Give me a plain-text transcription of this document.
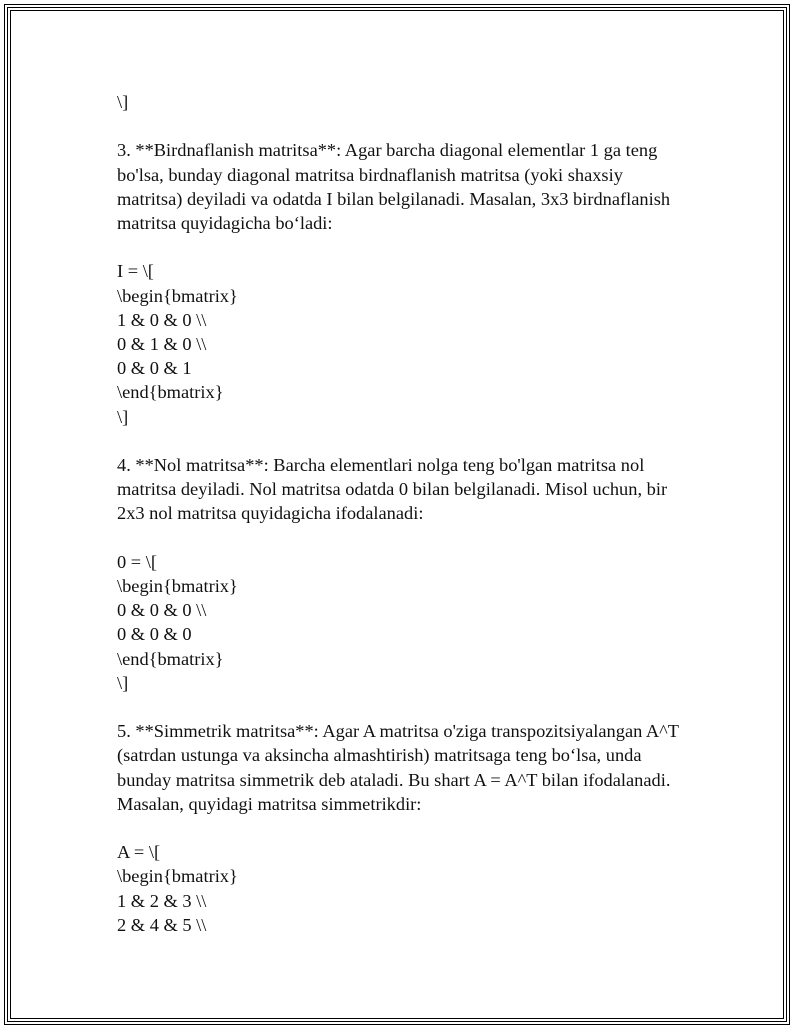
\]
3. **Birdnaflanish matritsa**: Agar barcha diagonal elementlar 1 ga teng
bo'lsa, bunday diagonal matritsa birdnaflanish matritsa (yoki shaxsiy
matritsa) deyiladi va odatda I bilan belgilanadi. Masalan, 3x3 birdnaflanish
matritsa quyidagicha bo‘ladi:
I = \[
\begin{bmatrix}
1 & 0 & 0 \\
0 & 1 & 0 \\
0 & 0 & 1
\end{bmatrix}
\]
4. **Nol matritsa**: Barcha elementlari nolga teng bo'lgan matritsa nol
matritsa deyiladi. Nol matritsa odatda 0 bilan belgilanadi. Misol uchun, bir
2x3 nol matritsa quyidagicha ifodalanadi:
0 = \[
\begin{bmatrix}
0 & 0 & 0 \\
0 & 0 & 0
\end{bmatrix}
\]
5. **Simmetrik matritsa**: Agar A matritsa o'ziga transpozitsiyalangan A^T
(satrdan ustunga va aksincha almashtirish) matritsaga teng bo‘lsa, unda
bunday matritsa simmetrik deb ataladi. Bu shart A = A^T bilan ifodalanadi.
Masalan, quyidagi matritsa simmetrikdir:
A = \[
\begin{bmatrix}
1 & 2 & 3 \\
2 & 4 & 5 \\
